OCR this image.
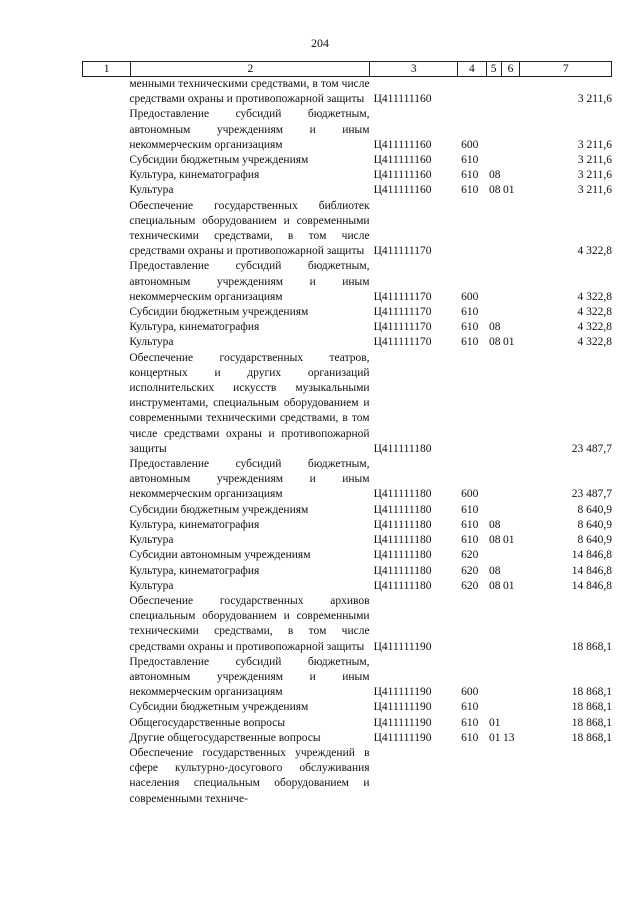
204
1	2	3	4	5	6	7
	менными техническими средствами, в том числе средствами охраны и противопожарной защиты	Ц411111160				3 211,6
	Предоставление субсидий бюджетным, автономным учреждениям и иным некоммерческим организациям	Ц411111160	600			3 211,6
	Субсидии бюджетным учреждениям	Ц411111160	610			3 211,6
	Культура, кинематография	Ц411111160	610	08		3 211,6
	Культура	Ц411111160	610	08	01	3 211,6
	Обеспечение государственных библиотек специальным оборудованием и современными техническими средствами, в том числе средствами охраны и противопожарной защиты	Ц411111170				4 322,8
	Предоставление субсидий бюджетным, автономным учреждениям и иным некоммерческим организациям	Ц411111170	600			4 322,8
	Субсидии бюджетным учреждениям	Ц411111170	610			4 322,8
	Культура, кинематография	Ц411111170	610	08		4 322,8
	Культура	Ц411111170	610	08	01	4 322,8
	Обеспечение государственных театров, концертных и других организаций исполнительских искусств музыкальными инструментами, специальным оборудованием и современными техническими средствами, в том числе средствами охраны и противопожарной защиты	Ц411111180				23 487,7
	Предоставление субсидий бюджетным, автономным учреждениям и иным некоммерческим организациям	Ц411111180	600			23 487,7
	Субсидии бюджетным учреждениям	Ц411111180	610			8 640,9
	Культура, кинематография	Ц411111180	610	08		8 640,9
	Культура	Ц411111180	610	08	01	8 640,9
	Субсидии автономным учреждениям	Ц411111180	620			14 846,8
	Культура, кинематография	Ц411111180	620	08		14 846,8
	Культура	Ц411111180	620	08	01	14 846,8
	Обеспечение государственных архивов специальным оборудованием и современными техническими средствами, в том числе средствами охраны и противопожарной защиты	Ц411111190				18 868,1
	Предоставление субсидий бюджетным, автономным учреждениям и иным некоммерческим организациям	Ц411111190	600			18 868,1
	Субсидии бюджетным учреждениям	Ц411111190	610			18 868,1
	Общегосударственные вопросы	Ц411111190	610	01		18 868,1
	Другие общегосударственные вопросы	Ц411111190	610	01	13	18 868,1
	Обеспечение государственных учреждений в сфере культурно-досугового обслуживания населения специальным оборудованием и современными техниче-					
